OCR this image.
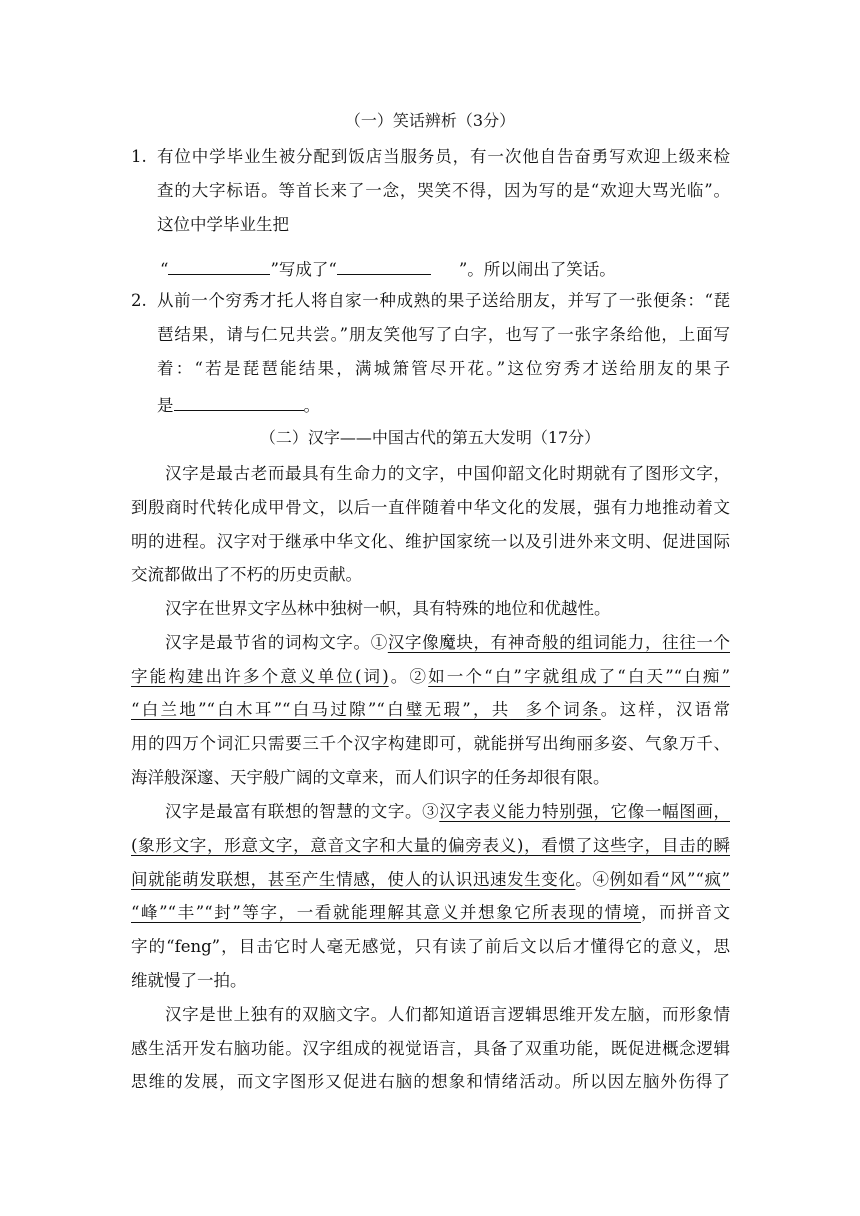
（一）笑话辨析（3分）
1. 有位中学毕业生被分配到饭店当服务员，有一次他自告奋勇写欢迎上级来检
查的大字标语。等首长来了一念，哭笑不得，因为写的是“欢迎大骂光临”。
这位中学毕业生把
“	”写成了“	”。所以闹出了笑话。
2. 从前一个穷秀才托人将自家一种成熟的果子送给朋友，并写了一张便条：“琵
琶结果，请与仁兄共尝。”朋友笑他写了白字，也写了一张字条给他，上面写
着：“若是琵琶能结果，满城箫管尽开花。”这位穷秀才送给朋友的果子
是	。
（二）汉字——中国古代的第五大发明（17分）
汉字是最古老而最具有生命力的文字，中国仰韶文化时期就有了图形文字，
到殷商时代转化成甲骨文，以后一直伴随着中华文化的发展，强有力地推动着文
明的进程。汉字对于继承中华文化、维护国家统一以及引进外来文明、促进国际
交流都做出了不朽的历史贡献。
汉字在世界文字丛林中独树一帜，具有特殊的地位和优越性。
汉字是最节省的词构文字。①汉字像魔块，有神奇般的组词能力，往往一个
字能构建出许多个意义单位(词)。②如一个“白”字就组成了“白天”“白痴”
“白兰地”“白木耳”“白马过隙”“白璧无瑕”，共 多个词条。这样，汉语常
用的四万个词汇只需要三千个汉字构建即可，就能拼写出绚丽多姿、气象万千、
海洋般深邃、天宇般广阔的文章来，而人们识字的任务却很有限。
汉字是最富有联想的智慧的文字。③汉字表义能力特别强，它像一幅图画，
(象形文字，形意文字，意音文字和大量的偏旁表义)，看惯了这些字，目击的瞬
间就能萌发联想，甚至产生情感，使人的认识迅速发生变化。④例如看“风”“疯”
“峰”“丰”“封”等字，一看就能理解其意义并想象它所表现的情境，而拼音文
字的“feng”，目击它时人毫无感觉，只有读了前后文以后才懂得它的意义，思
维就慢了一拍。
汉字是世上独有的双脑文字。人们都知道语言逻辑思维开发左脑，而形象情
感生活开发右脑功能。汉字组成的视觉语言，具备了双重功能，既促进概念逻辑
思维的发展，而文字图形又促进右脑的想象和情绪活动。所以因左脑外伤得了
